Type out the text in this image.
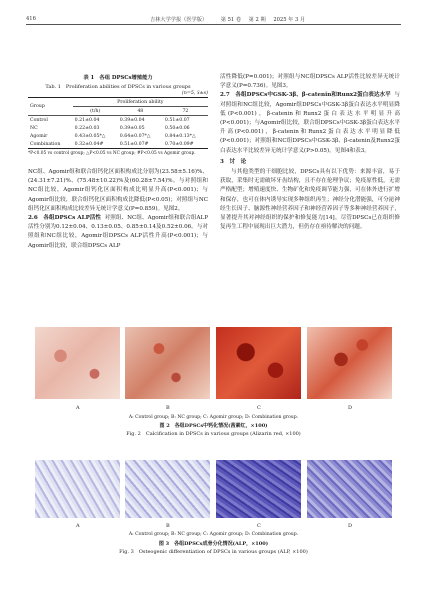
416	吉林大学学报（医学版）	第 51 卷 第 2 期 2025 年 3 月
表 1　各组 DPSCs增殖能力
Tab. 1　Proliferation abilities of DPSCs in various groups
(n=5, x̄±s)
Group	Proliferation ability		
	(t/h)	48	72
Control	0.21±0.04	0.39±0.04	0.51±0.07
NC	0.22±0.03	0.39±0.05	0.50±0.06
Agomir	0.43±0.05*△	0.64±0.07*△	0.84±0.13*△
Combination	0.32±0.04#	0.51±0.07#	0.70±0.09#
*P<0.05 vs control group; △P<0.05 vs NC group; #P<0.05 vs Agomir group.

NC组、Agomir组和联合组钙化区面积构成比分别为(23.58±5.16)%、(24.31±7.21)%、(75.48±10.22)%及(60.28±7.54)%。与对照组和NC组比较，Agomir组钙化区面积构成比明显升高(P<0.001)；与Agomir组比较，联合组钙化区面积构成比降低(P<0.05)；对照组与NC组钙化区面积构成比较差异无统计学意义(P=0.859)。见图2。

2.6　各组DPSCs ALP活性 对照组、NC组、Agomir组和联合组ALP活性分别为0.12±0.04、0.13±0.05、0.85±0.14及0.52±0.06。与对照组和NC组比较，Agomir组DPSCs ALP活性升高(P<0.001)；与Agomir组比较，联合组DPSCs ALP

活性降低(P=0.001)；对照组与NC组DPSCs ALP活性比较差异无统计学意义(P=0.736)。见图3。

2.7　各组DPSCs中GSK-3β、β-catenin和Runx2蛋白表达水平 与对照组和NC组比较，Agomir组DPSCs中GSK-3β蛋白表达水平明显降低(P<0.001)，β-catenin和Runx2蛋白表达水平明显升高(P<0.001)；与Agomir组比较，联合组DPSCs中GSK-3β蛋白表达水平升高(P<0.001)，β-catenin和Runx2蛋白表达水平明显降低(P<0.001)；对照组和NC组DPSCs中GSK-3β、β-catenin及Runx2蛋白表达水平比较差异无统计学意义(P>0.05)。见图4和表3。

3　讨　论

与其他类型的干细胞比较，DPSCs具有以下优势：来源丰富，易于获取，采集时无需破坏牙齿结构，且不存在伦理争议；免疫原性低，无需严格配型；增殖速度快、生物矿化和免疫调节能力强，可在体外进行扩增和保存，也可在体内诱导实现多种组织再生；神经分化潜能强，可分泌神经生长因子、脑源性神经营养因子和神经营养因子等多种神经营养因子，显著提升其对神经组织的保护和修复能力[14]。尽管DPSCs已在组织修复再生工程中展现出巨大潜力，但仍存在亟待解决的问题。

A	B	C	D
A: Control group; B: NC group; C: Agomir group; D: Combination group.
图 2　各组DPSCs中钙化情况(茜素红，×100)
Fig. 2　Calcification in DPSCs in various groups (Alizarin red, ×100)
A	B	C	D
A: Control group; B: NC group; C: Agomir group; D: Combination group.
图 3　各组DPSCs成骨分化情况(ALP，×100)
Fig. 3　Osteogenic differentiation of DPSCs in various groups (ALP, ×100)
